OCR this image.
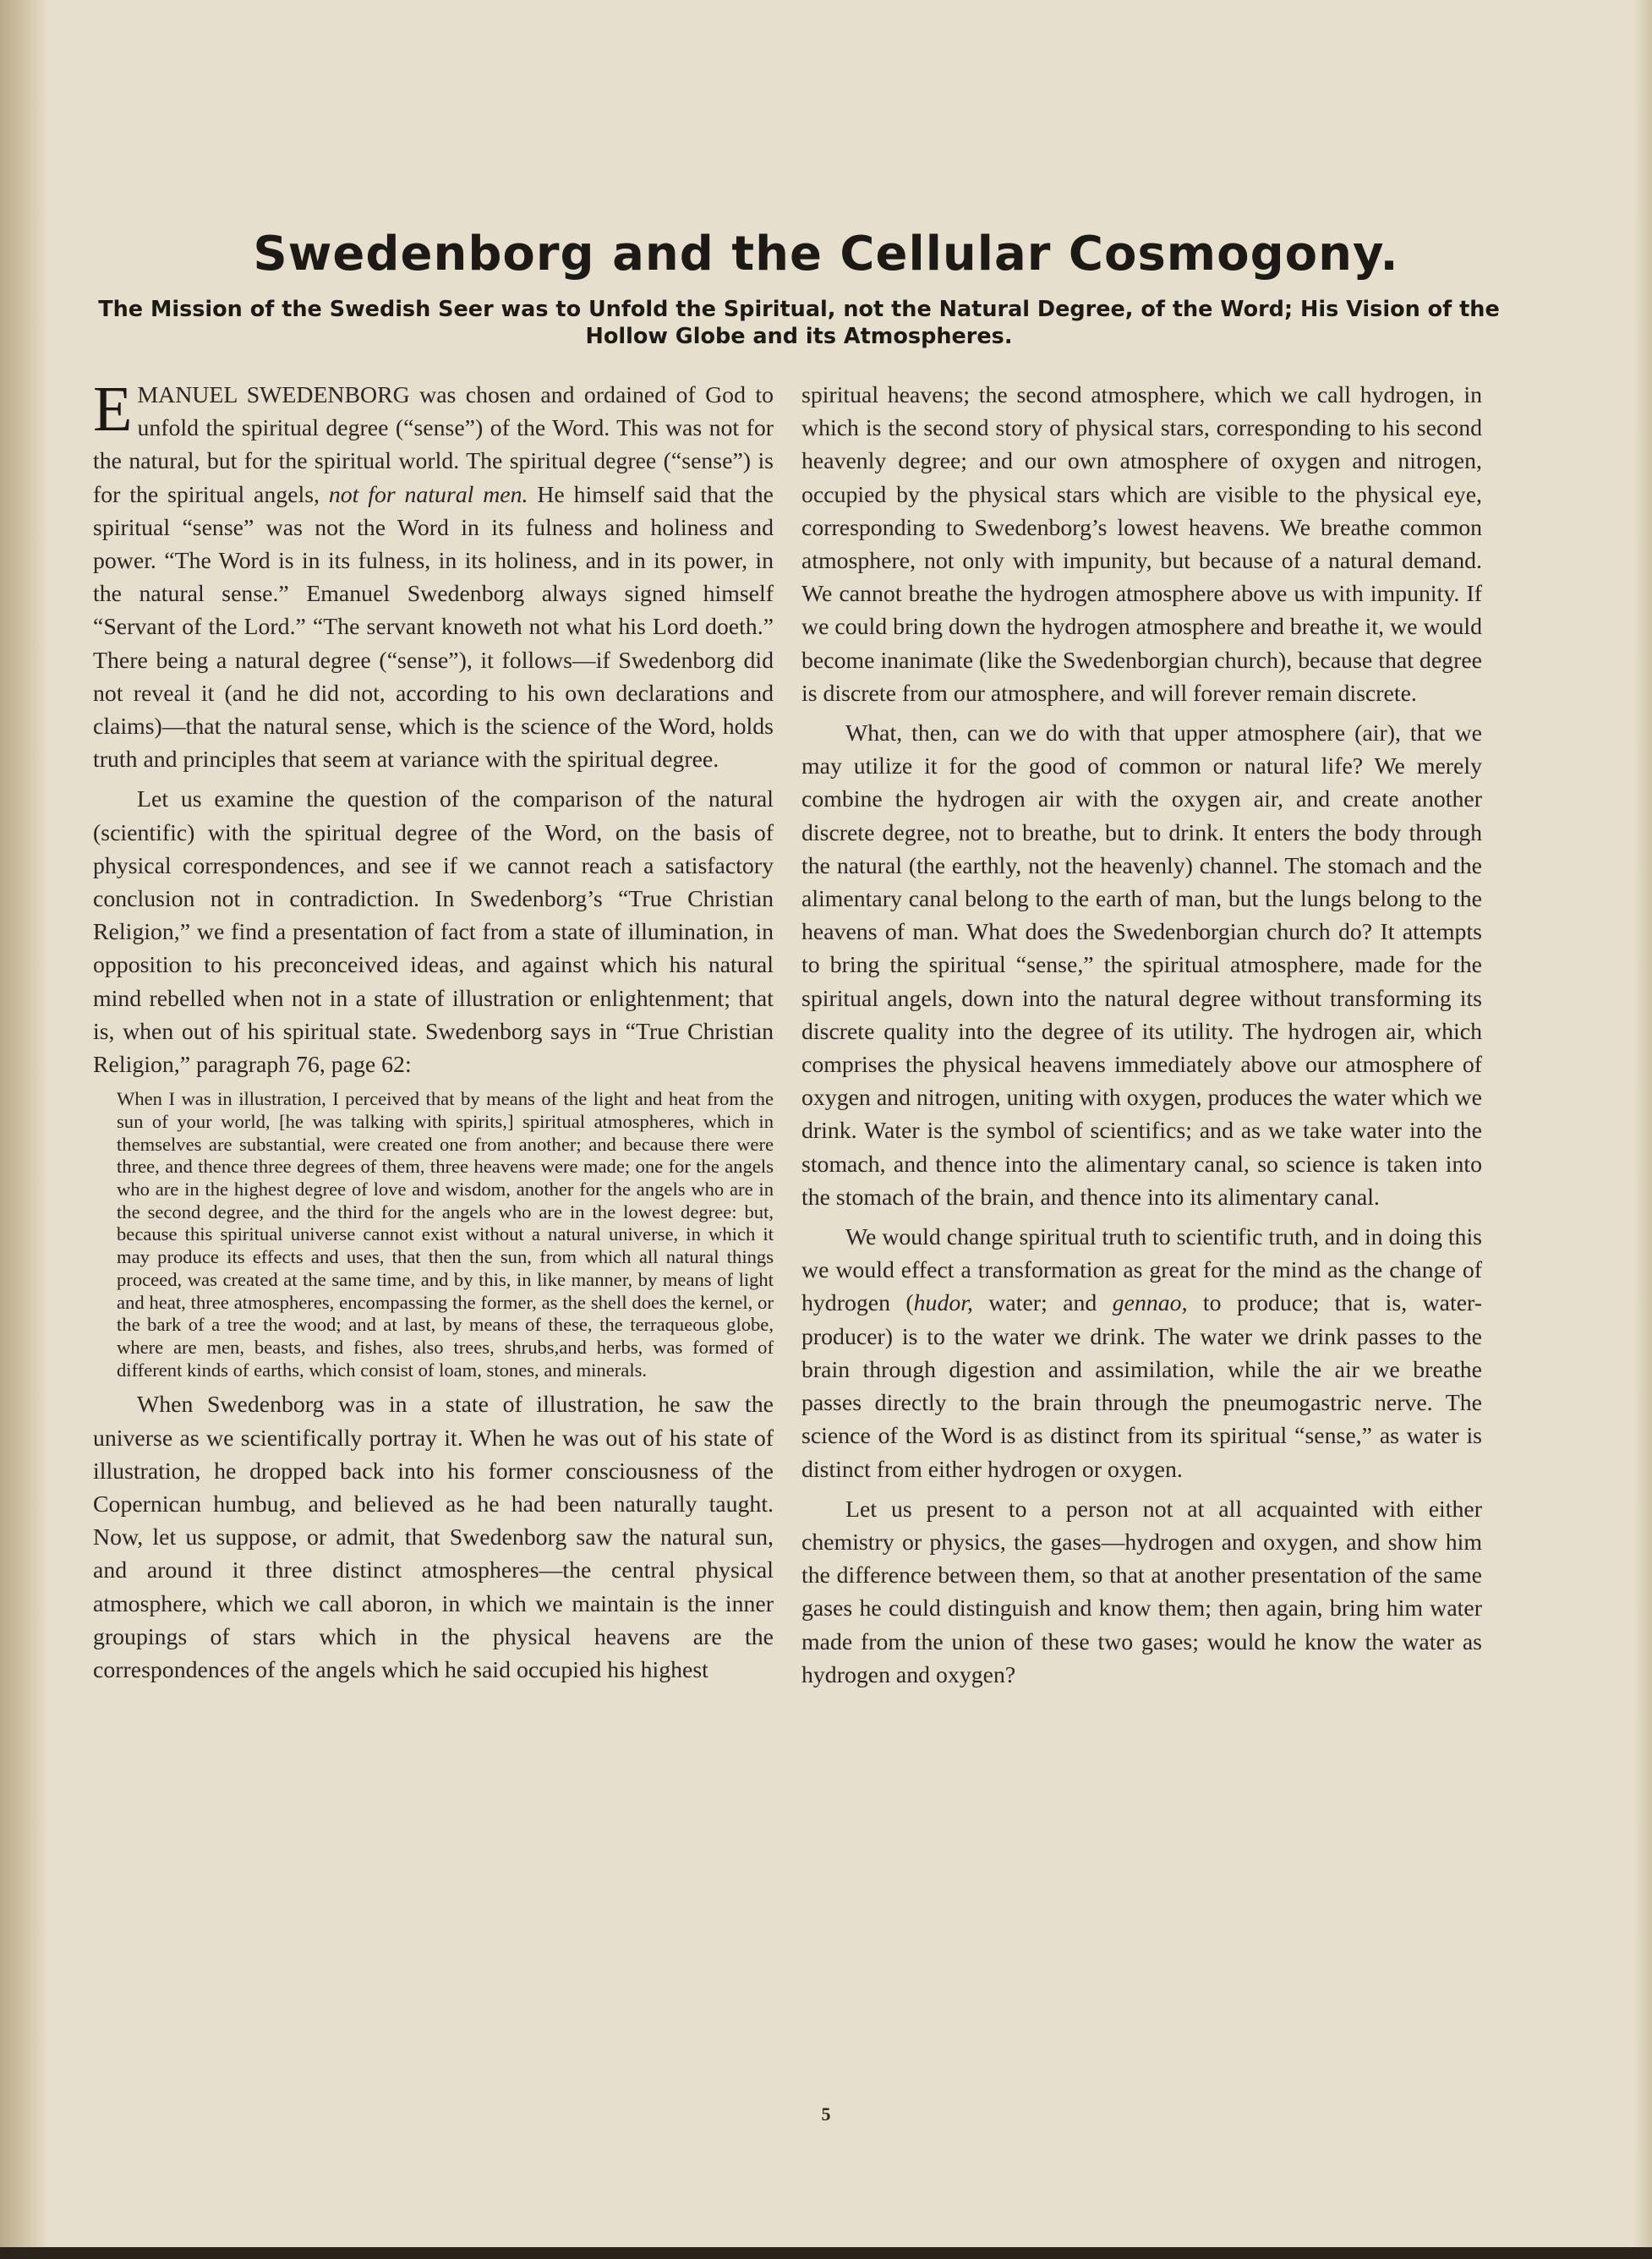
Swedenborg and the Cellular Cosmogony.
The Mission of the Swedish Seer was to Unfold the Spiritual, not the Natural Degree, of the Word; His Vision of the Hollow Globe and its Atmospheres.

EMANUEL SWEDENBORG was chosen and ordained of God to unfold the spiritual degree (“sense”) of the Word. This was not for the natural, but for the spiritual world. The spiritual degree (“sense”) is for the spiritual angels, not for natural men. He himself said that the spiritual “sense” was not the Word in its fulness and holiness and power. “The Word is in its fulness, in its holiness, and in its power, in the natural sense.” Emanuel Swedenborg always signed himself “Servant of the Lord.” “The servant knoweth not what his Lord doeth.” There being a natural degree (“sense”), it follows—if Swedenborg did not reveal it (and he did not, according to his own declarations and claims)—that the natural sense, which is the science of the Word, holds truth and principles that seem at variance with the spiritual degree.

Let us examine the question of the comparison of the natural (scientific) with the spiritual degree of the Word, on the basis of physical correspondences, and see if we cannot reach a satisfactory conclusion not in contradiction. In Swedenborg’s “True Christian Religion,” we find a presentation of fact from a state of illumination, in opposition to his preconceived ideas, and against which his natural mind rebelled when not in a state of illustration or enlightenment; that is, when out of his spiritual state. Swedenborg says in “True Christian Religion,” paragraph 76, page 62:

When I was in illustration, I perceived that by means of the light and heat from the sun of your world, [he was talking with spirits,] spiritual atmospheres, which in themselves are substantial, were created one from another; and because there were three, and thence three degrees of them, three heavens were made; one for the angels who are in the highest degree of love and wisdom, another for the angels who are in the second degree, and the third for the angels who are in the lowest degree: but, because this spiritual universe cannot exist without a natural universe, in which it may produce its effects and uses, that then the sun, from which all natural things proceed, was created at the same time, and by this, in like manner, by means of light and heat, three atmospheres, encompassing the former, as the shell does the kernel, or the bark of a tree the wood; and at last, by means of these, the terraqueous globe, where are men, beasts, and fishes, also trees, shrubs,and herbs, was formed of different kinds of earths, which consist of loam, stones, and minerals.

When Swedenborg was in a state of illustration, he saw the universe as we scientifically portray it. When he was out of his state of illustration, he dropped back into his former consciousness of the Copernican humbug, and believed as he had been naturally taught. Now, let us suppose, or admit, that Swedenborg saw the natural sun, and around it three distinct atmospheres—the central physical atmosphere, which we call aboron, in which we maintain is the inner groupings of stars which in the physical heavens are the correspondences of the angels which he said occupied his highest

spiritual heavens; the second atmosphere, which we call hydrogen, in which is the second story of physical stars, corresponding to his second heavenly degree; and our own atmosphere of oxygen and nitrogen, occupied by the physical stars which are visible to the physical eye, corresponding to Swedenborg’s lowest heavens. We breathe common atmosphere, not only with impunity, but because of a natural demand. We cannot breathe the hydrogen atmosphere above us with impunity. If we could bring down the hydrogen atmosphere and breathe it, we would become inanimate (like the Swedenborgian church), because that degree is discrete from our atmosphere, and will forever remain discrete.

What, then, can we do with that upper atmosphere (air), that we may utilize it for the good of common or natural life? We merely combine the hydrogen air with the oxygen air, and create another discrete degree, not to breathe, but to drink. It enters the body through the natural (the earthly, not the heavenly) channel. The stomach and the alimentary canal belong to the earth of man, but the lungs belong to the heavens of man. What does the Swedenborgian church do? It attempts to bring the spiritual “sense,” the spiritual atmosphere, made for the spiritual angels, down into the natural degree without transforming its discrete quality into the degree of its utility. The hydrogen air, which comprises the physical heavens immediately above our atmosphere of oxygen and nitrogen, uniting with oxygen, produces the water which we drink. Water is the symbol of scientifics; and as we take water into the stomach, and thence into the alimentary canal, so science is taken into the stomach of the brain, and thence into its alimentary canal.

We would change spiritual truth to scientific truth, and in doing this we would effect a transformation as great for the mind as the change of hydrogen (hudor, water; and gennao, to produce; that is, water-producer) is to the water we drink. The water we drink passes to the brain through digestion and assimilation, while the air we breathe passes directly to the brain through the pneumogastric nerve. The science of the Word is as distinct from its spiritual “sense,” as water is distinct from either hydrogen or oxygen.

Let us present to a person not at all acquainted with either chemistry or physics, the gases—hydrogen and oxygen, and show him the difference between them, so that at another presentation of the same gases he could distinguish and know them; then again, bring him water made from the union of these two gases; would he know the water as hydrogen and oxygen?

5
